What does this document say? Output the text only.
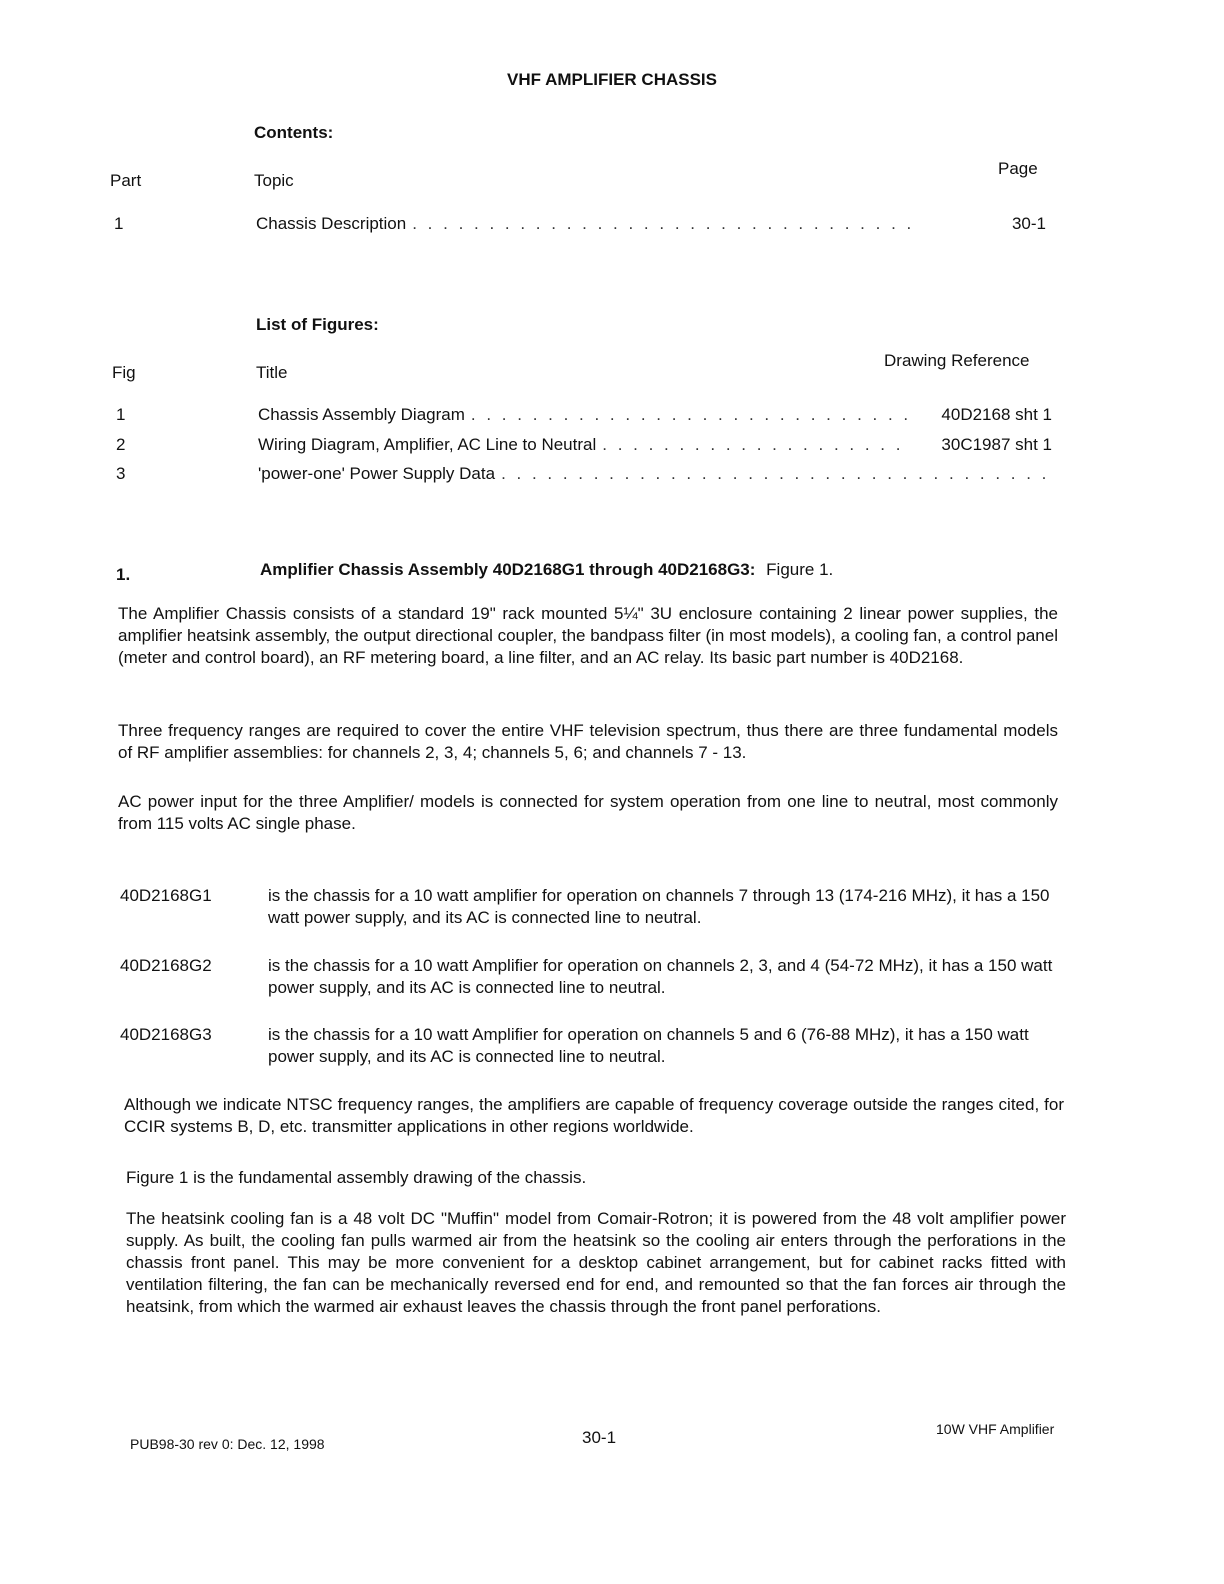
VHF AMPLIFIER CHASSIS
Contents:
Part	Topic
Page
1	Chassis Description . . .	30-1
List of Figures:
Fig	Title
Drawing Reference
1	Chassis Assembly Diagram . . .	40D2168 sht 1
2	Wiring Diagram, Amplifier, AC Line to Neutral . . .	30C1987 sht 1
3	'power-one' Power Supply Data
. . .
1.	Amplifier Chassis Assembly 40D2168G1 through 40D2168G3: Figure 1.
The Amplifier Chassis consists of a standard 19" rack mounted 5¼" 3U enclosure containing 2 linear power supplies, the amplifier heatsink assembly, the output directional coupler, the bandpass filter (in most models), a cooling fan, a control panel (meter and control board), an RF metering board, a line filter, and an AC relay. Its basic part number is 40D2168.
Three frequency ranges are required to cover the entire VHF television spectrum, thus there are three fundamental models of RF amplifier assemblies: for channels 2, 3, 4; channels 5, 6; and channels 7 - 13.
AC power input for the three Amplifier/ models is connected for system operation from one line to neutral, most commonly from 115 volts AC single phase.
40D2168G1	is the chassis for a 10 watt amplifier for operation on channels 7 through 13 (174-216 MHz), it has a 150 watt power supply, and its AC is connected line to neutral.
40D2168G2	is the chassis for a 10 watt Amplifier for operation on channels 2, 3, and 4 (54-72 MHz), it has a 150 watt power supply, and its AC is connected line to neutral.
40D2168G3	is the chassis for a 10 watt Amplifier for operation on channels 5 and 6 (76-88 MHz), it has a 150 watt power supply, and its AC is connected line to neutral.
Although we indicate NTSC frequency ranges, the amplifiers are capable of frequency coverage outside the ranges cited, for CCIR systems B, D, etc. transmitter applications in other regions worldwide.
Figure 1 is the fundamental assembly drawing of the chassis.
The heatsink cooling fan is a 48 volt DC "Muffin" model from Comair-Rotron; it is powered from the 48 volt amplifier power supply. As built, the cooling fan pulls warmed air from the heatsink so the cooling air enters through the perforations in the chassis front panel. This may be more convenient for a desktop cabinet arrangement, but for cabinet racks fitted with ventilation filtering, the fan can be mechanically reversed end for end, and remounted so that the fan forces air through the heatsink, from which the warmed air exhaust leaves the chassis through the front panel perforations.
PUB98-30 rev 0: Dec. 12, 1998	30-1	10W VHF Amplifier
